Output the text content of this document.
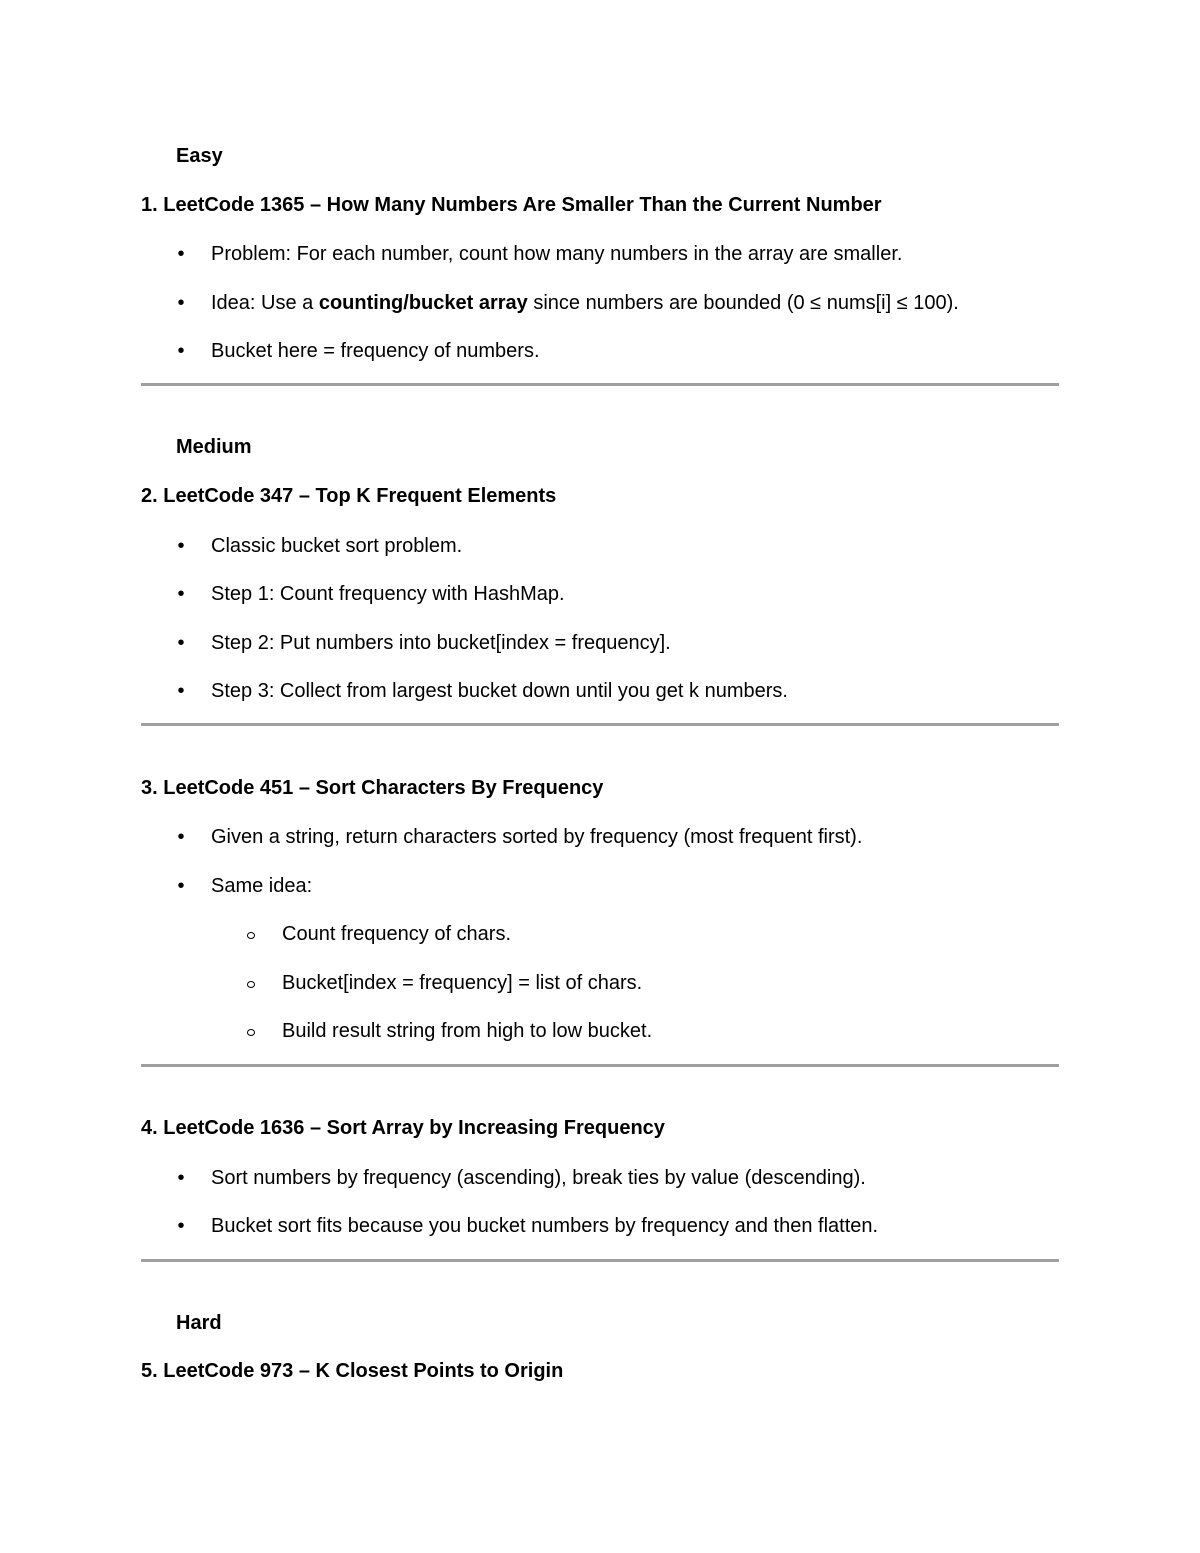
Easy
1. LeetCode 1365 – How Many Numbers Are Smaller Than the Current Number
• Problem: For each number, count how many numbers in the array are smaller.
• Idea: Use a counting/bucket array since numbers are bounded (0 ≤ nums[i] ≤ 100).
• Bucket here = frequency of numbers.
Medium
2. LeetCode 347 – Top K Frequent Elements
• Classic bucket sort problem.
• Step 1: Count frequency with HashMap.
• Step 2: Put numbers into bucket[index = frequency].
• Step 3: Collect from largest bucket down until you get k numbers.
3. LeetCode 451 – Sort Characters By Frequency
• Given a string, return characters sorted by frequency (most frequent first).
• Same idea:
Count frequency of chars.
Bucket[index = frequency] = list of chars.
Build result string from high to low bucket.
4. LeetCode 1636 – Sort Array by Increasing Frequency
• Sort numbers by frequency (ascending), break ties by value (descending).
• Bucket sort fits because you bucket numbers by frequency and then flatten.
Hard
5. LeetCode 973 – K Closest Points to Origin
